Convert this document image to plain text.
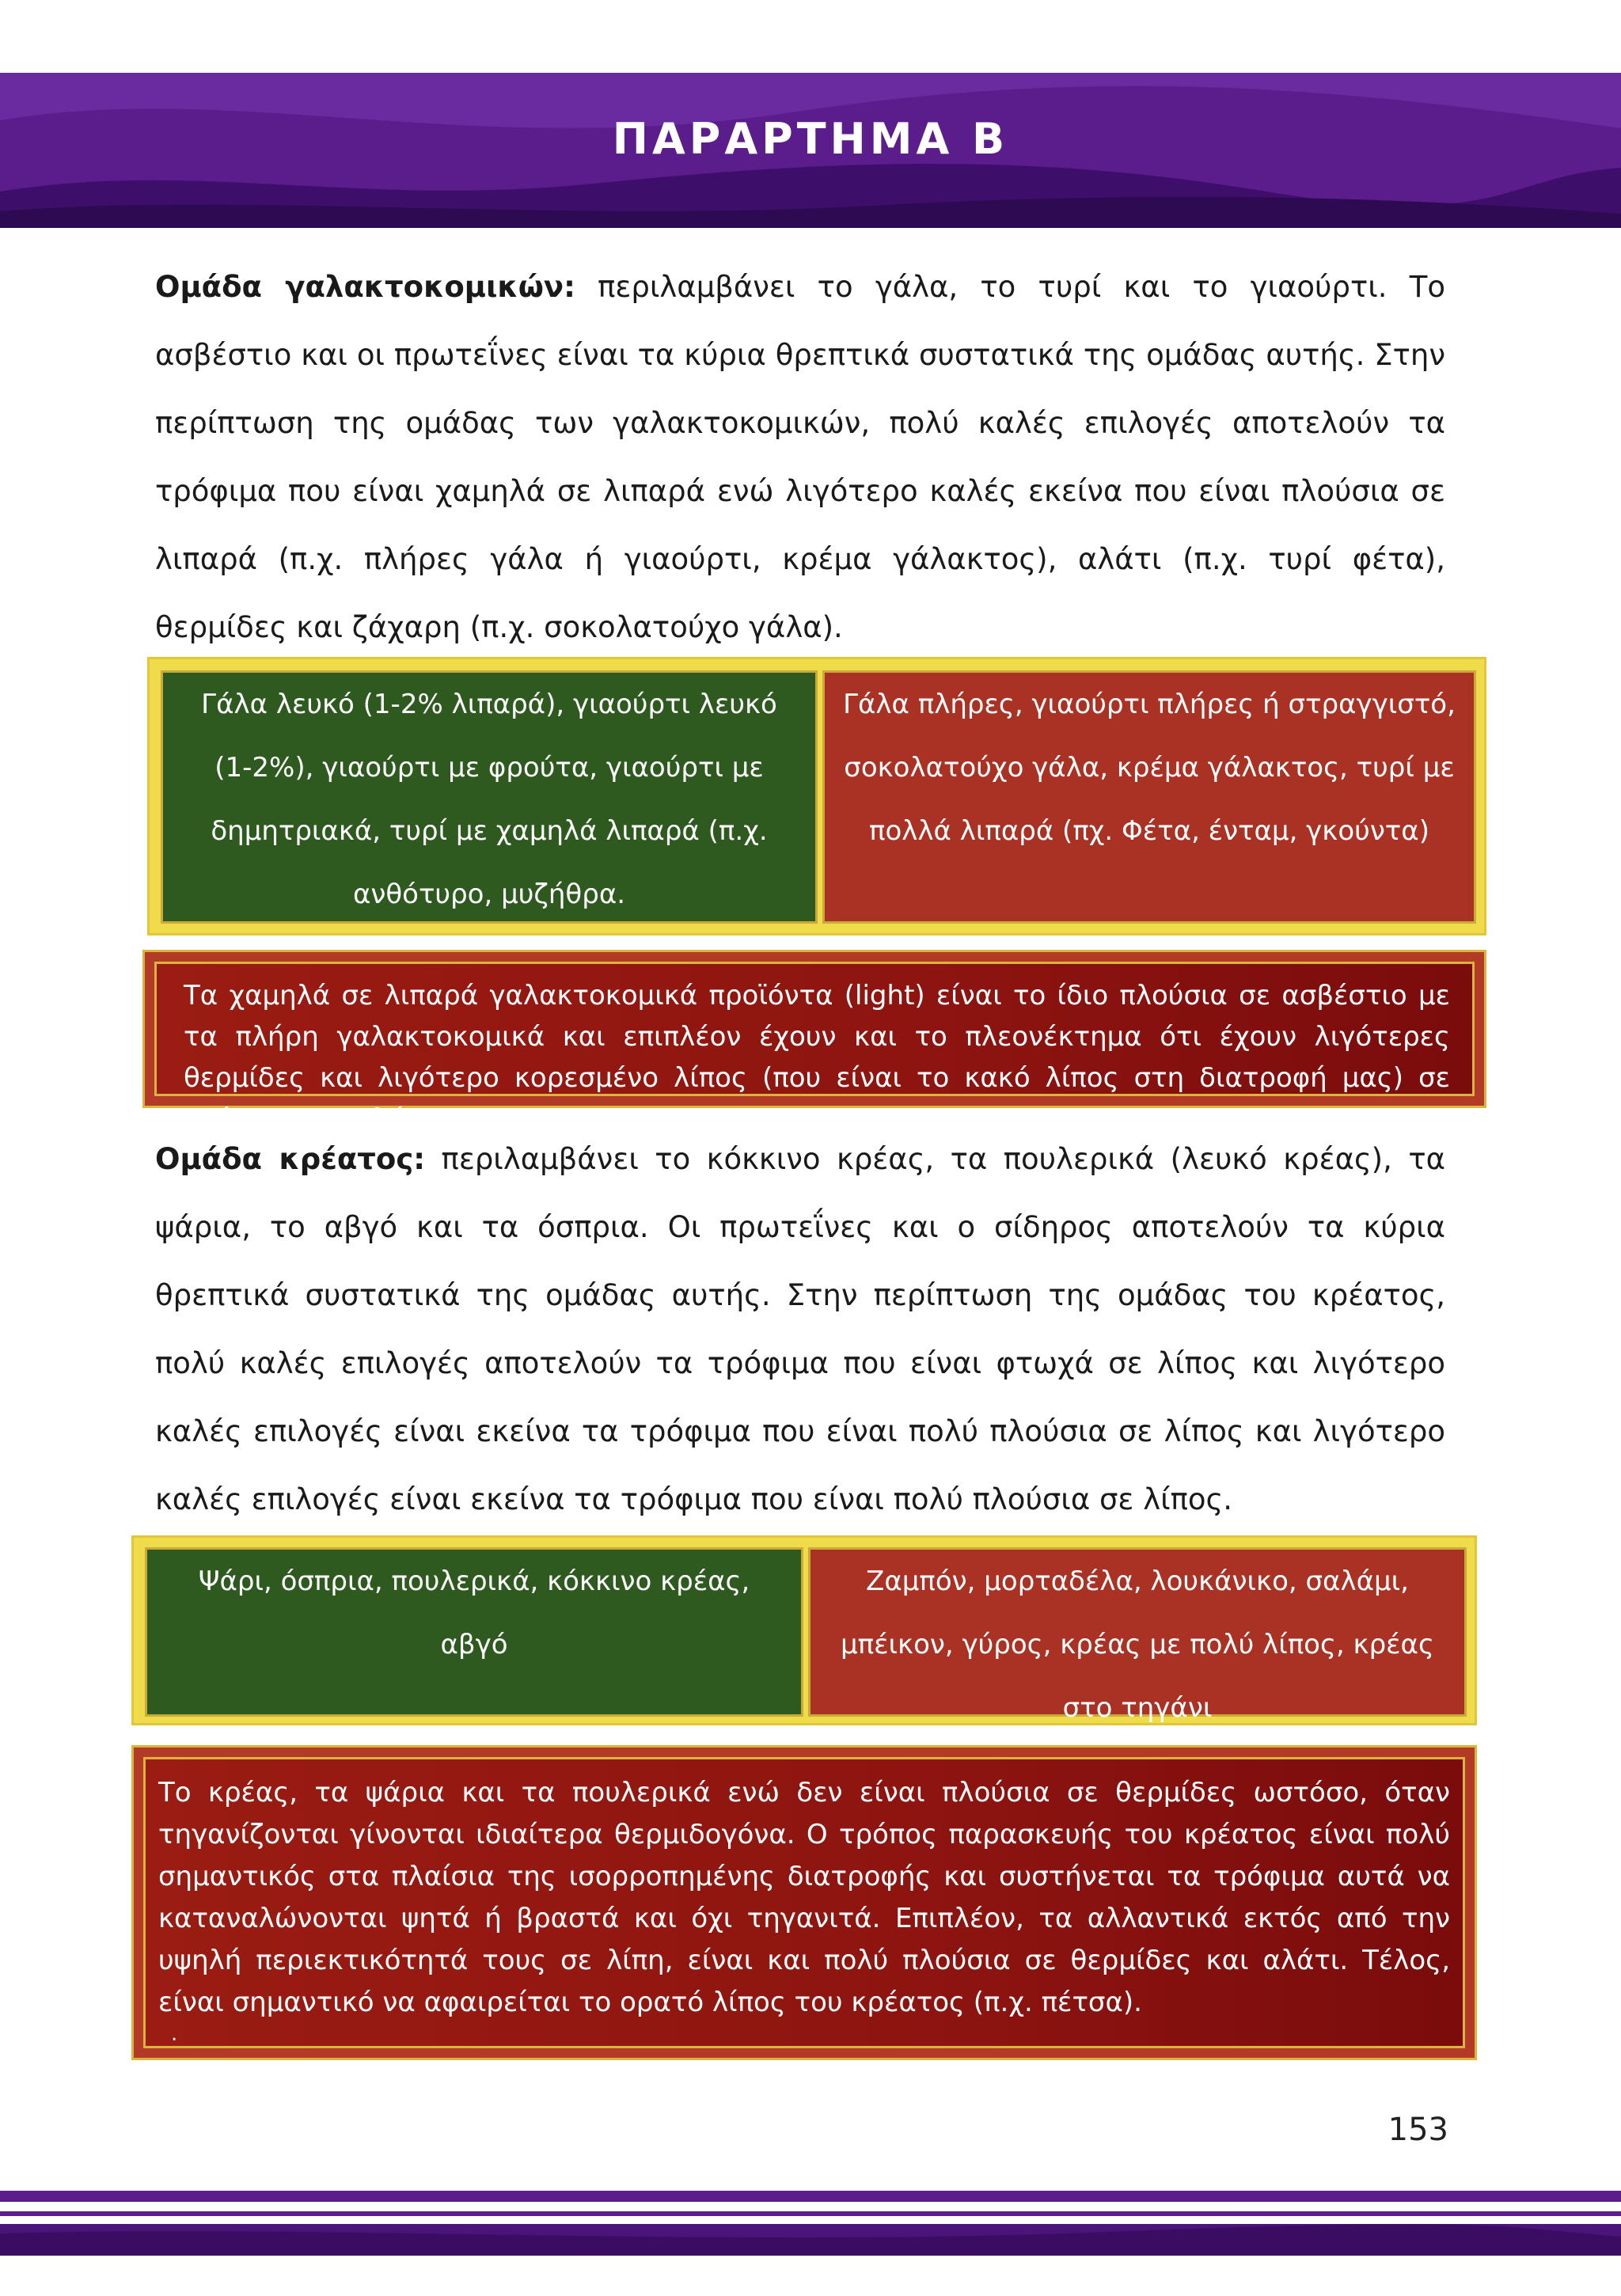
ΠΑΡΑΡΤΗΜΑ Β
Ομάδα γαλακτοκομικών: περιλαμβάνει το γάλα, το τυρί και το γιαούρτι. Το ασβέστιο και οι πρωτεΐνες είναι τα κύρια θρεπτικά συστατικά της ομάδας αυτής. Στην περίπτωση της ομάδας των γαλακτοκομικών, πολύ καλές επιλογές αποτελούν τα τρόφιμα που είναι χαμηλά σε λιπαρά ενώ λιγότερο καλές εκείνα που είναι πλούσια σε λιπαρά (π.χ. πλήρες γάλα ή γιαούρτι, κρέμα γάλακτος), αλάτι (π.χ. τυρί φέτα), θερμίδες και ζάχαρη (π.χ. σοκολατούχο γάλα).
Γάλα λευκό (1-2% λιπαρά), γιαούρτι λευκό (1-2%), γιαούρτι με φρούτα, γιαούρτι με δημητριακά, τυρί με χαμηλά λιπαρά (π.χ. ανθότυρο, μυζήθρα.
Γάλα πλήρες, γιαούρτι πλήρες ή στραγγιστό, σοκολατούχο γάλα, κρέμα γάλακτος, τυρί με πολλά λιπαρά (πχ. Φέτα, ένταμ, γκούντα)
Τα χαμηλά σε λιπαρά γαλακτοκομικά προϊόντα (light) είναι το ίδιο πλούσια σε ασβέστιο με τα πλήρη γαλακτοκομικά και επιπλέον έχουν και το πλεονέκτημα ότι έχουν λιγότερες θερμίδες και λιγότερο κορεσμένο λίπος (που είναι το κακό λίπος στη διατροφή μας) σε σχέση με τα πλήρη.
Ομάδα κρέατος: περιλαμβάνει το κόκκινο κρέας, τα πουλερικά (λευκό κρέας), τα ψάρια, το αβγό και τα όσπρια. Οι πρωτεΐνες και ο σίδηρος αποτελούν τα κύρια θρεπτικά συστατικά της ομάδας αυτής. Στην περίπτωση της ομάδας του κρέατος, πολύ καλές επιλογές αποτελούν τα τρόφιμα που είναι φτωχά σε λίπος και λιγότερο καλές επιλογές είναι εκείνα τα τρόφιμα που είναι πολύ πλούσια σε λίπος και λιγότερο καλές επιλογές είναι εκείνα τα τρόφιμα που είναι πολύ πλούσια σε λίπος.
Ψάρι, όσπρια, πουλερικά, κόκκινο κρέας, αβγό
Ζαμπόν, μορταδέλα, λουκάνικο, σαλάμι, μπέικον, γύρος, κρέας με πολύ λίπος, κρέας στο τηγάνι
Το κρέας, τα ψάρια και τα πουλερικά ενώ δεν είναι πλούσια σε θερμίδες ωστόσο, όταν τηγανίζονται γίνονται ιδιαίτερα θερμιδογόνα. Ο τρόπος παρασκευής του κρέατος είναι πολύ σημαντικός στα πλαίσια της ισορροπημένης διατροφής και συστήνεται τα τρόφιμα αυτά να καταναλώνονται ψητά ή βραστά και όχι τηγανιτά. Επιπλέον, τα αλλαντικά εκτός από την υψηλή περιεκτικότητά τους σε λίπη, είναι και πολύ πλούσια σε θερμίδες και αλάτι. Τέλος, είναι σημαντικό να αφαιρείται το ορατό λίπος του κρέατος (π.χ. πέτσα).
.
153
